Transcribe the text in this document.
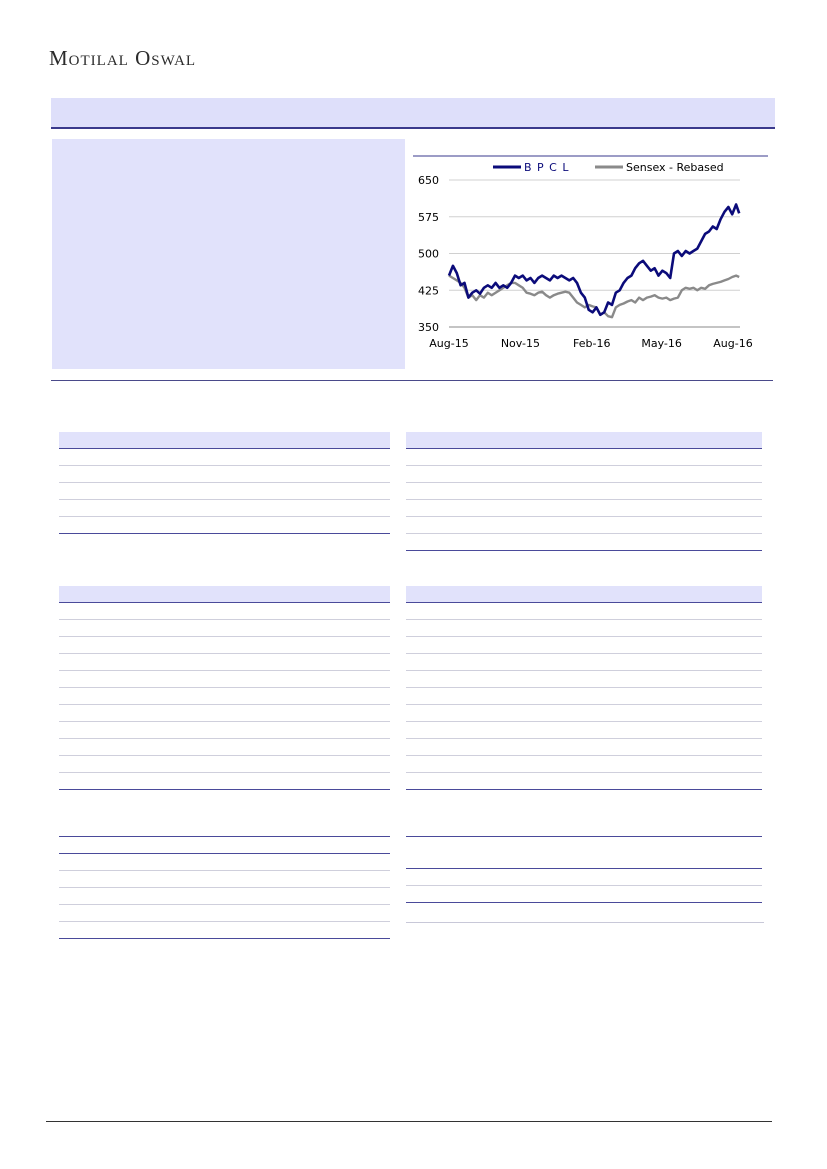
Motilal Oswal
350
425
500
575
650
Aug-15	Nov-15	Feb-16	May-16	Aug-16
B P C L	Sensex - Rebased
